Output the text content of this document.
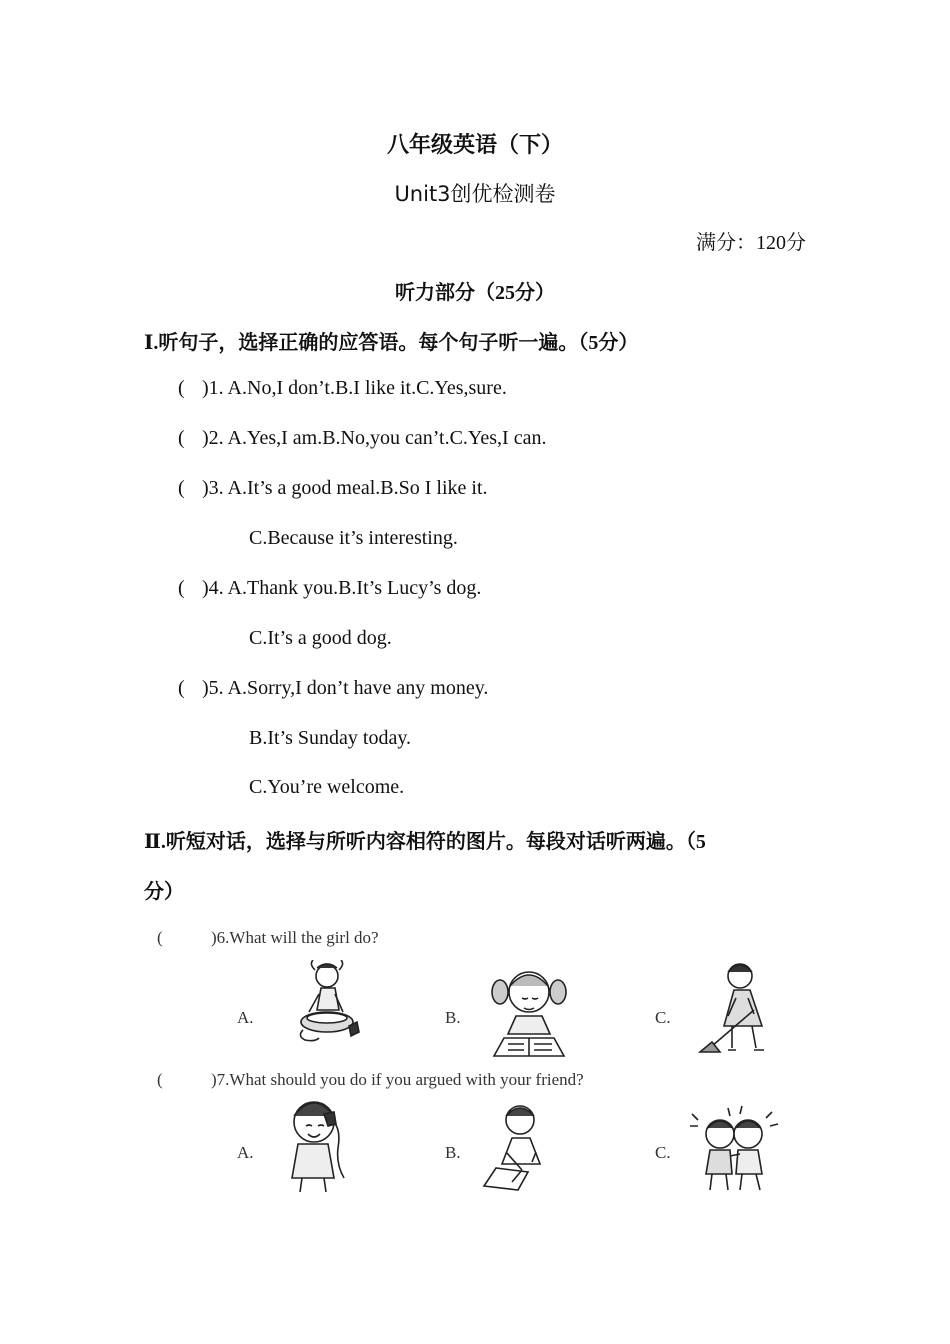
八年级英语（下）
Unit3创优检测卷
满分：120分
听力部分（25分）
Ⅰ.听句子，选择正确的应答语。每个句子听一遍。（5分）
( )1. A.No,I don’t.B.I like it.C.Yes,sure.
( )2. A.Yes,I am.B.No,you can’t.C.Yes,I can.
( )3. A.It’s a good meal.B.So I like it.
C.Because it’s interesting.
( )4. A.Thank you.B.It’s Lucy’s dog.
C.It’s a good dog.
( )5. A.Sorry,I don’t have any money.
B.It’s Sunday today.
C.You’re welcome.
Ⅱ.听短对话，选择与所听内容相符的图片。每段对话听两遍。（5
分）
(	)6.What will the girl do?
A.	B.	C.
(	)7.What should you do if you argued with your friend?
A.	B.	C.
